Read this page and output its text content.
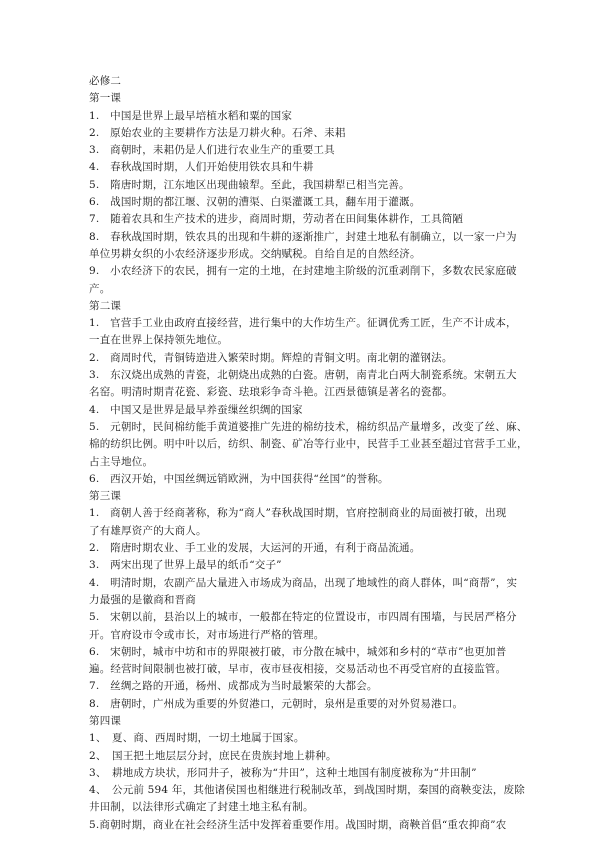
必修二
第一课
1.　中国是世界上最早培植水稻和粟的国家
2.　原始农业的主要耕作方法是刀耕火种。石斧、耒耜
3.　商朝时，耒耜仍是人们进行农业生产的重要工具
4.　春秋战国时期，人们开始使用铁农具和牛耕
5.　隋唐时期，江东地区出现曲辕犁。至此，我国耕犁已相当完善。
6.　战国时期的都江堰、汉朝的漕渠、白渠灌溉工具，翻车用于灌溉。
7.　随着农具和生产技术的进步，商周时期，劳动者在田间集体耕作，工具简陋
8.　春秋战国时期，铁农具的出现和牛耕的逐渐推广，封建土地私有制确立，以一家一户为
单位男耕女织的小农经济逐步形成。交纳赋税。自给自足的自然经济。
9.　小农经济下的农民，拥有一定的土地，在封建地主阶级的沉重剥削下，多数农民家庭破
产。
第二课
1.　官营手工业由政府直接经营，进行集中的大作坊生产。征调优秀工匠，生产不计成本，
一直在世界上保持领先地位。
2.　商周时代，青铜铸造进入繁荣时期。辉煌的青铜文明。南北朝的灌钢法。
3.　东汉烧出成熟的青瓷，北朝烧出成熟的白瓷。唐朝，南青北白两大制瓷系统。宋朝五大
名窑。明清时期青花瓷、彩瓷、珐琅彩争奇斗艳。江西景德镇是著名的瓷都。
4.　中国又是世界是最早养蚕缫丝织绸的国家
5.　元朝时，民间棉纺能手黄道婆推广先进的棉纺技术，棉纺织品产量增多，改变了丝、麻、
棉的纺织比例。明中叶以后，纺织、制瓷、矿冶等行业中，民营手工业甚至超过官营手工业，
占主导地位。
6.　西汉开始，中国丝绸远销欧洲，为中国获得“丝国”的誉称。
第三课
1.　商朝人善于经商著称，称为“商人”春秋战国时期，官府控制商业的局面被打破，出现
了有雄厚资产的大商人。
2.　隋唐时期农业、手工业的发展，大运河的开通，有利于商品流通。
3.　两宋出现了世界上最早的纸币“交子”
4.　明清时期，农副产品大量进入市场成为商品，出现了地域性的商人群体，叫“商帮”，实
力最强的是徽商和晋商
5.　宋朝以前，县治以上的城市，一般都在特定的位置设市，市四周有围墙，与民居严格分
开。官府设市令或市长，对市场进行严格的管理。
6.　宋朝时，城市中坊和市的界限被打破，市分散在城中，城郊和乡村的“草市”也更加普
遍。经营时间限制也被打破，早市，夜市昼夜相接，交易活动也不再受官府的直接监管。
7.　丝绸之路的开通，杨州、成都成为当时最繁荣的大都会。
8.　唐朝时，广州成为重要的外贸港口，元朝时，泉州是重要的对外贸易港口。
第四课
1、　夏、商、西周时期，一切土地属于国家。
2、　国王把土地层层分封，庶民在贵族封地上耕种。
3、　耕地成方块状，形同井子，被称为“井田”，这种土地国有制度被称为“井田制”
4、　公元前 594 年，其他诸侯国也相继进行税制改革，到战国时期，秦国的商鞅变法，废除
井田制，以法律形式确定了封建土地主私有制。
5.商朝时期，商业在社会经济生活中发挥着重要作用。战国时期，商鞅首倡“重农抑商”农
